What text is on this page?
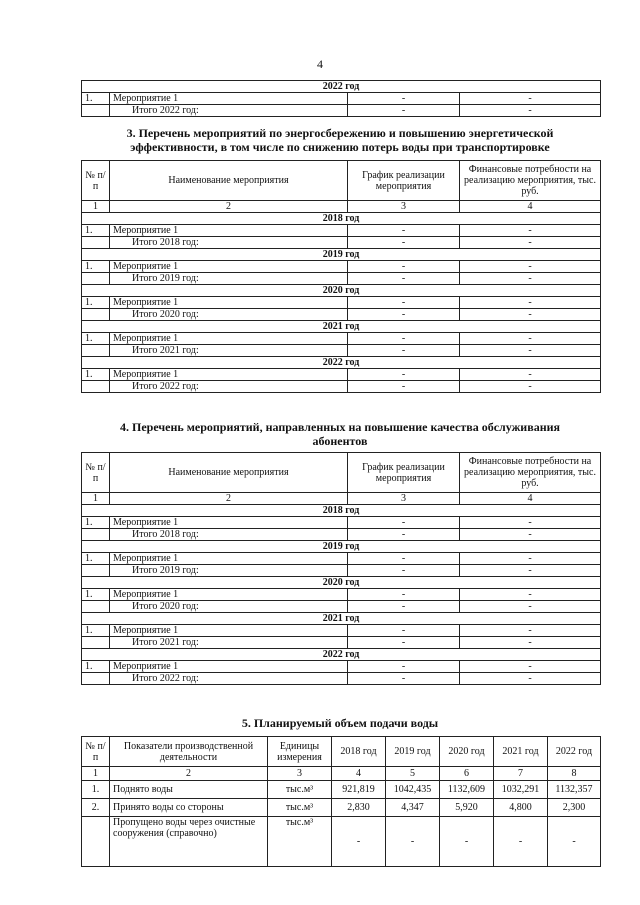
4
2022 год			
1.	Мероприятие 1	-	-
	Итого 2022 год:	-	-
3. Перечень мероприятий по энергосбережению и повышению энергетической
эффективности, в том числе по снижению потерь воды при транспортировке
№ п/п	Наименование мероприятия	График реализации мероприятия	Финансовые потребности на реализацию мероприятия, тыс. руб.
1	2	3	4
2018 год			
1.	Мероприятие 1	-	-
	Итого 2018 год:	-	-
2019 год			
1.	Мероприятие 1	-	-
	Итого 2019 год:	-	-
2020 год			
1.	Мероприятие 1	-	-
	Итого 2020 год:	-	-
2021 год			
1.	Мероприятие 1	-	-
	Итого 2021 год:	-	-
2022 год			
1.	Мероприятие 1	-	-
	Итого 2022 год:	-	-
4. Перечень мероприятий, направленных на повышение качества обслуживания
абонентов
№ п/п	Наименование мероприятия	График реализации мероприятия	Финансовые потребности на реализацию мероприятия, тыс. руб.
1	2	3	4
2018 год			
1.	Мероприятие 1	-	-
	Итого 2018 год:	-	-
2019 год			
1.	Мероприятие 1	-	-
	Итого 2019 год:	-	-
2020 год			
1.	Мероприятие 1	-	-
	Итого 2020 год:	-	-
2021 год			
1.	Мероприятие 1	-	-
	Итого 2021 год:	-	-
2022 год			
1.	Мероприятие 1	-	-
	Итого 2022 год:	-	-
5. Планируемый объем подачи воды
№ п/п	Показатели производственной деятельности	Единицы измерения	2018 год	2019 год	2020 год	2021 год	2022 год
1	2	3	4	5	6	7	8
1.	Поднято воды	тыс.м³	921,819	1042,435	1132,609	1032,291	1132,357
2.	Принято воды со стороны	тыс.м³	2,830	4,347	5,920	4,800	2,300
	Пропущено воды через очистные сооружения (справочно)	тыс.м³	-	-	-	-	-
